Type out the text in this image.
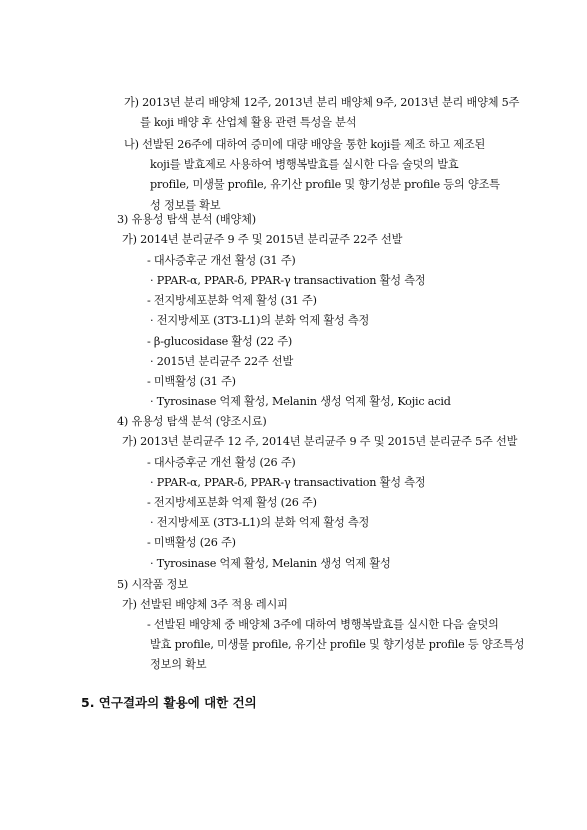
가) 2013년 분리 배양체 12주, 2013년 분리 배양체 9주, 2013년 분리 배양체 5주
를 koji 배양 후 산업체 활용 관련 특성을 분석
나) 선발된 26주에 대하여 증미에 대량 배양을 통한 koji를 제조 하고 제조된
koji를 발효제로 사용하여 병행복발효를 실시한 다음 술덧의 발효
profile, 미생물 profile, 유기산 profile 및 향기성분 profile 등의 양조특
성 정보를 확보
3) 유용성 탐색 분석 (배양체)
가) 2014년 분리균주 9 주 및 2015년 분리균주 22주 선발
- 대사증후군 개선 활성 (31 주)
· PPAR-α, PPAR-δ, PPAR-γ transactivation 활성 측정
- 전지방세포분화 억제 활성 (31 주)
· 전지방세포 (3T3-L1)의 분화 억제 활성 측정
- β-glucosidase 활성 (22 주)
· 2015년 분리균주 22주 선발
- 미백활성 (31 주)
· Tyrosinase 억제 활성, Melanin 생성 억제 활성, Kojic acid
4) 유용성 탐색 분석 (양조시료)
가) 2013년 분리균주 12 주, 2014년 분리균주 9 주 및 2015년 분리균주 5주 선발
- 대사증후군 개선 활성 (26 주)
· PPAR-α, PPAR-δ, PPAR-γ transactivation 활성 측정
- 전지방세포분화 억제 활성 (26 주)
· 전지방세포 (3T3-L1)의 분화 억제 활성 측정
- 미백활성 (26 주)
· Tyrosinase 억제 활성, Melanin 생성 억제 활성
5) 시작품 정보
가) 선발된 배양체 3주 적용 레시피
- 선발된 배양체 중 배양체 3주에 대하여 병행복발효를 실시한 다음 술덧의
발효 profile, 미생물 profile, 유기산 profile 및 향기성분 profile 등 양조특성
정보의 확보
5. 연구결과의 활용에 대한 건의
